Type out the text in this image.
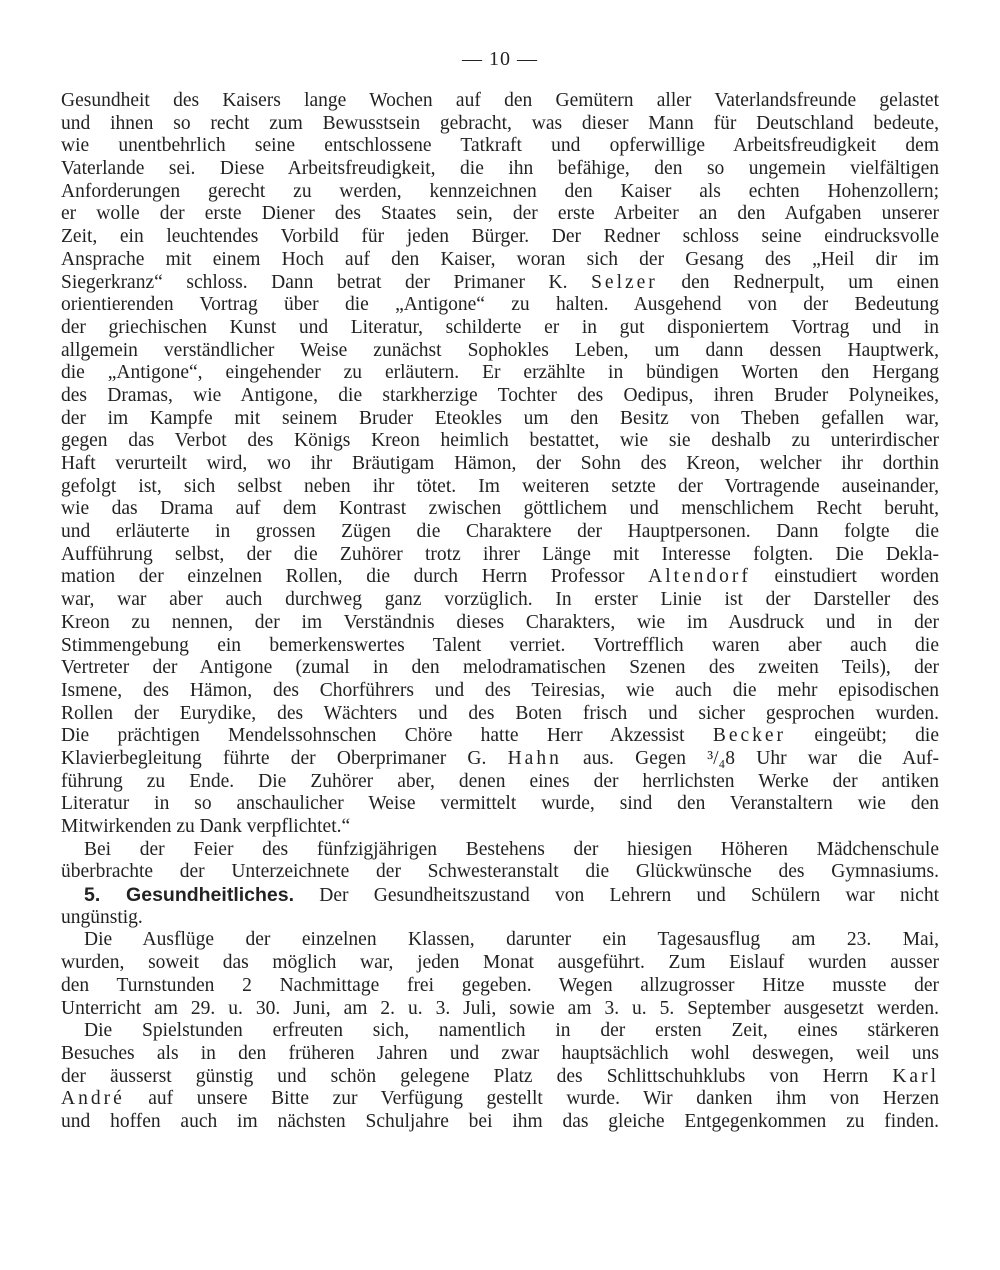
— 10 —
Gesundheit des Kaisers lange Wochen auf den Gemütern aller Vaterlandsfreunde gelastet
und ihnen so recht zum Bewusstsein gebracht, was dieser Mann für Deutschland bedeute,
wie unentbehrlich seine entschlossene Tatkraft und opferwillige Arbeitsfreudigkeit dem
Vaterlande sei. Diese Arbeitsfreudigkeit, die ihn befähige, den so ungemein vielfältigen
Anforderungen gerecht zu werden, kennzeichnen den Kaiser als echten Hohenzollern;
er wolle der erste Diener des Staates sein, der erste Arbeiter an den Aufgaben unserer
Zeit, ein leuchtendes Vorbild für jeden Bürger. Der Redner schloss seine eindrucksvolle
Ansprache mit einem Hoch auf den Kaiser, woran sich der Gesang des „Heil dir im
Siegerkranz“ schloss. Dann betrat der Primaner K. Selzer den Rednerpult, um einen
orientierenden Vortrag über die „Antigone“ zu halten. Ausgehend von der Bedeutung
der griechischen Kunst und Literatur, schilderte er in gut disponiertem Vortrag und in
allgemein verständlicher Weise zunächst Sophokles Leben, um dann dessen Hauptwerk,
die „Antigone“, eingehender zu erläutern. Er erzählte in bündigen Worten den Hergang
des Dramas, wie Antigone, die starkherzige Tochter des Oedipus, ihren Bruder Polyneikes,
der im Kampfe mit seinem Bruder Eteokles um den Besitz von Theben gefallen war,
gegen das Verbot des Königs Kreon heimlich bestattet, wie sie deshalb zu unterirdischer
Haft verurteilt wird, wo ihr Bräutigam Hämon, der Sohn des Kreon, welcher ihr dorthin
gefolgt ist, sich selbst neben ihr tötet. Im weiteren setzte der Vortragende auseinander,
wie das Drama auf dem Kontrast zwischen göttlichem und menschlichem Recht beruht,
und erläuterte in grossen Zügen die Charaktere der Hauptpersonen. Dann folgte die
Aufführung selbst, der die Zuhörer trotz ihrer Länge mit Interesse folgten. Die Dekla-
mation der einzelnen Rollen, die durch Herrn Professor Altendorf einstudiert worden
war, war aber auch durchweg ganz vorzüglich. In erster Linie ist der Darsteller des
Kreon zu nennen, der im Verständnis dieses Charakters, wie im Ausdruck und in der
Stimmengebung ein bemerkenswertes Talent verriet. Vortrefflich waren aber auch die
Vertreter der Antigone (zumal in den melodramatischen Szenen des zweiten Teils), der
Ismene, des Hämon, des Chorführers und des Teiresias, wie auch die mehr episodischen
Rollen der Eurydike, des Wächters und des Boten frisch und sicher gesprochen wurden.
Die prächtigen Mendelssohnschen Chöre hatte Herr Akzessist Becker eingeübt; die
Klavierbegleitung führte der Oberprimaner G. Hahn aus. Gegen ³/₄8 Uhr war die Auf-
führung zu Ende. Die Zuhörer aber, denen eines der herrlichsten Werke der antiken
Literatur in so anschaulicher Weise vermittelt wurde, sind den Veranstaltern wie den
Mitwirkenden zu Dank verpflichtet.“
Bei der Feier des fünfzigjährigen Bestehens der hiesigen Höheren Mädchenschule
überbrachte der Unterzeichnete der Schwesteranstalt die Glückwünsche des Gymnasiums.
5. Gesundheitliches. Der Gesundheitszustand von Lehrern und Schülern war nicht
ungünstig.
Die Ausflüge der einzelnen Klassen, darunter ein Tagesausflug am 23. Mai,
wurden, soweit das möglich war, jeden Monat ausgeführt. Zum Eislauf wurden ausser
den Turnstunden 2 Nachmittage frei gegeben. Wegen allzugrosser Hitze musste der
Unterricht am 29. u. 30. Juni, am 2. u. 3. Juli, sowie am 3. u. 5. September ausgesetzt werden.
Die Spielstunden erfreuten sich, namentlich in der ersten Zeit, eines stärkeren
Besuches als in den früheren Jahren und zwar hauptsächlich wohl deswegen, weil uns
der äusserst günstig und schön gelegene Platz des Schlittschuhklubs von Herrn Karl
André auf unsere Bitte zur Verfügung gestellt wurde. Wir danken ihm von Herzen
und hoffen auch im nächsten Schuljahre bei ihm das gleiche Entgegenkommen zu finden.
